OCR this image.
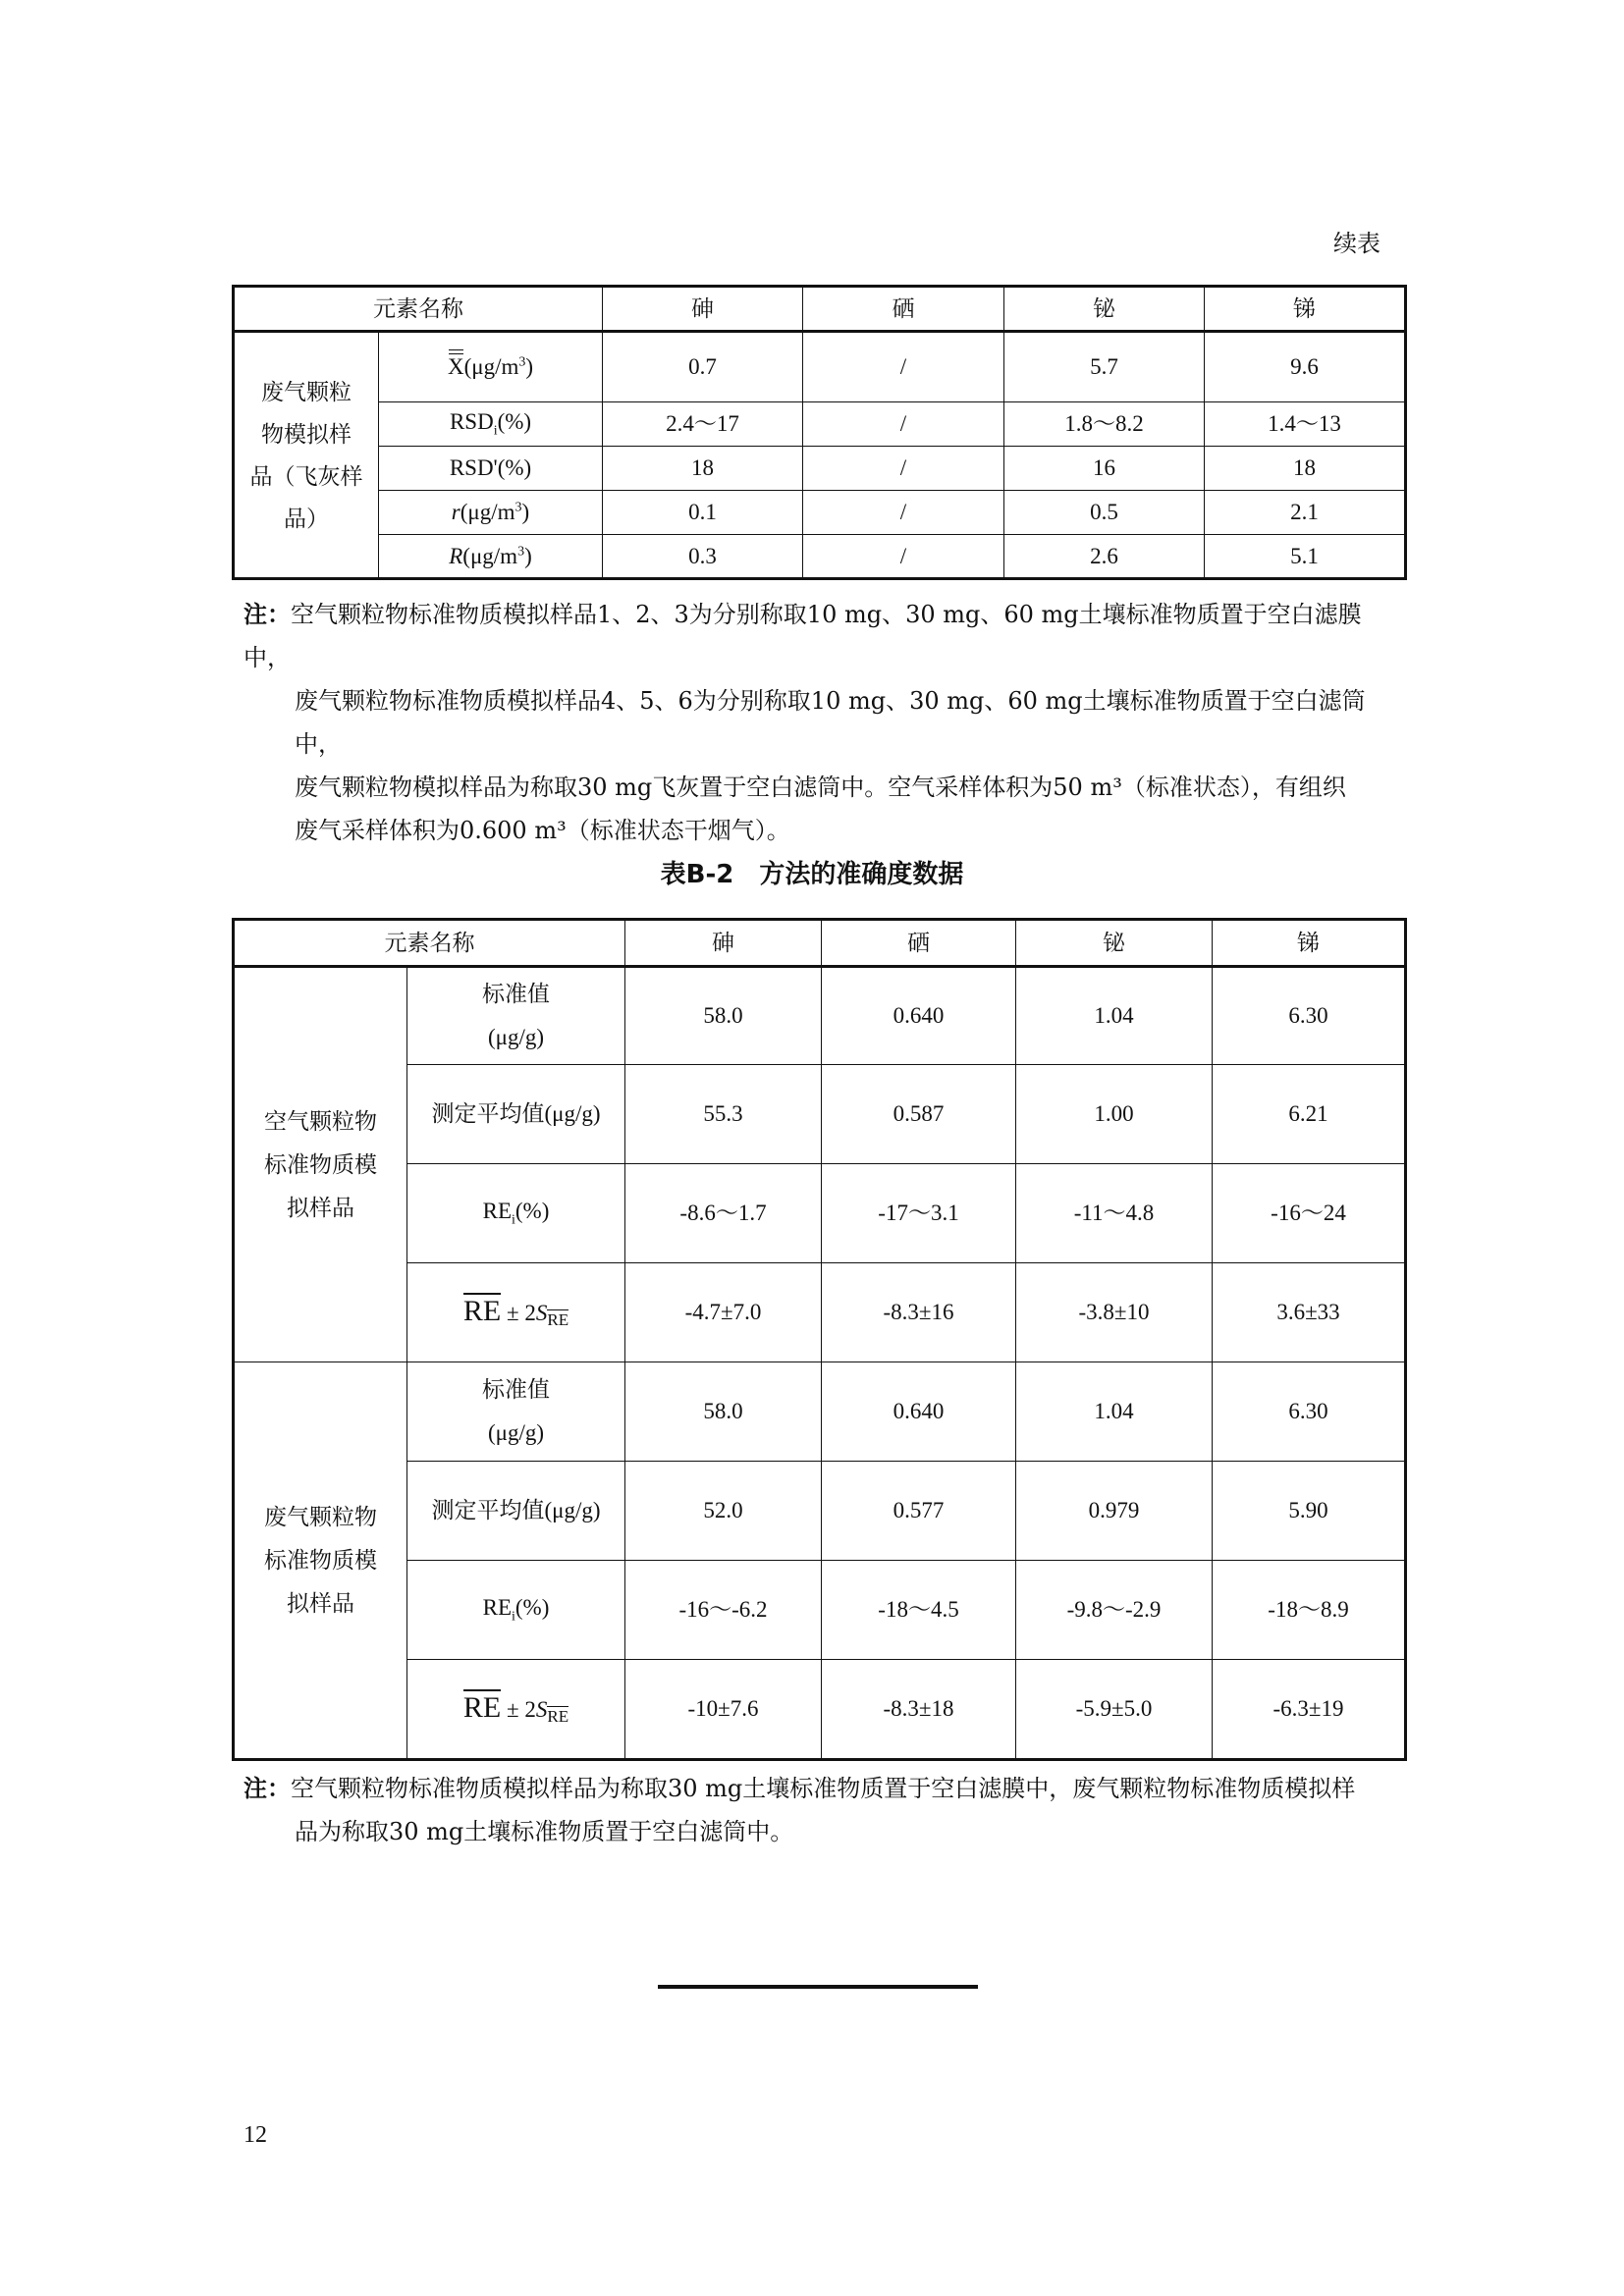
续表
元素名称		砷	硒	铋	锑
废气颗粒
物模拟样
品（飞灰样
品）	$X(\mu g/m^3)$	0.7	/	5.7	9.6
	$RSD_i(\%)$	2.4～17	/	1.8～8.2	1.4～13
	RSD'(%)	18	/	16	18
	$r(\mu g/m^3)$	0.1	/	0.5	2.1
	$R(\mu g/m^3)$	0.3	/	2.6	5.1

注：空气颗粒物标准物质模拟样品1、2、3为分别称取10 mg、30 mg、60 mg土壤标准物质置于空白滤膜中，

废气颗粒物标准物质模拟样品4、5、6为分别称取10 mg、30 mg、60 mg土壤标准物质置于空白滤筒中，

废气颗粒物模拟样品为称取30 mg飞灰置于空白滤筒中。空气采样体积为50 m³（标准状态），有组织

废气采样体积为0.600 m³（标准状态干烟气）。

表B-2　方法的准确度数据
元素名称		砷	硒	铋	锑
空气颗粒物
标准物质模
拟样品	标准值
(μg/g)	58.0	0.640	1.04	6.30
	测定平均值(μg/g)	55.3	0.587	1.00	6.21
	$RE_i(\%)$	-8.6～1.7	-17～3.1	-11～4.8	-16～24
	RE ± $2S_{RE}$	-4.7±7.0	-8.3±16	-3.8±10	3.6±33
废气颗粒物
标准物质模
拟样品	标准值
(μg/g)	58.0	0.640	1.04	6.30
	测定平均值(μg/g)	52.0	0.577	0.979	5.90
	$RE_i(\%)$	-16～-6.2	-18～4.5	-9.8～-2.9	-18～8.9
	RE ± $2S_{RE}$	-10±7.6	-8.3±18	-5.9±5.0	-6.3±19

注：空气颗粒物标准物质模拟样品为称取30 mg土壤标准物质置于空白滤膜中，废气颗粒物标准物质模拟样

品为称取30 mg土壤标准物质置于空白滤筒中。

12
